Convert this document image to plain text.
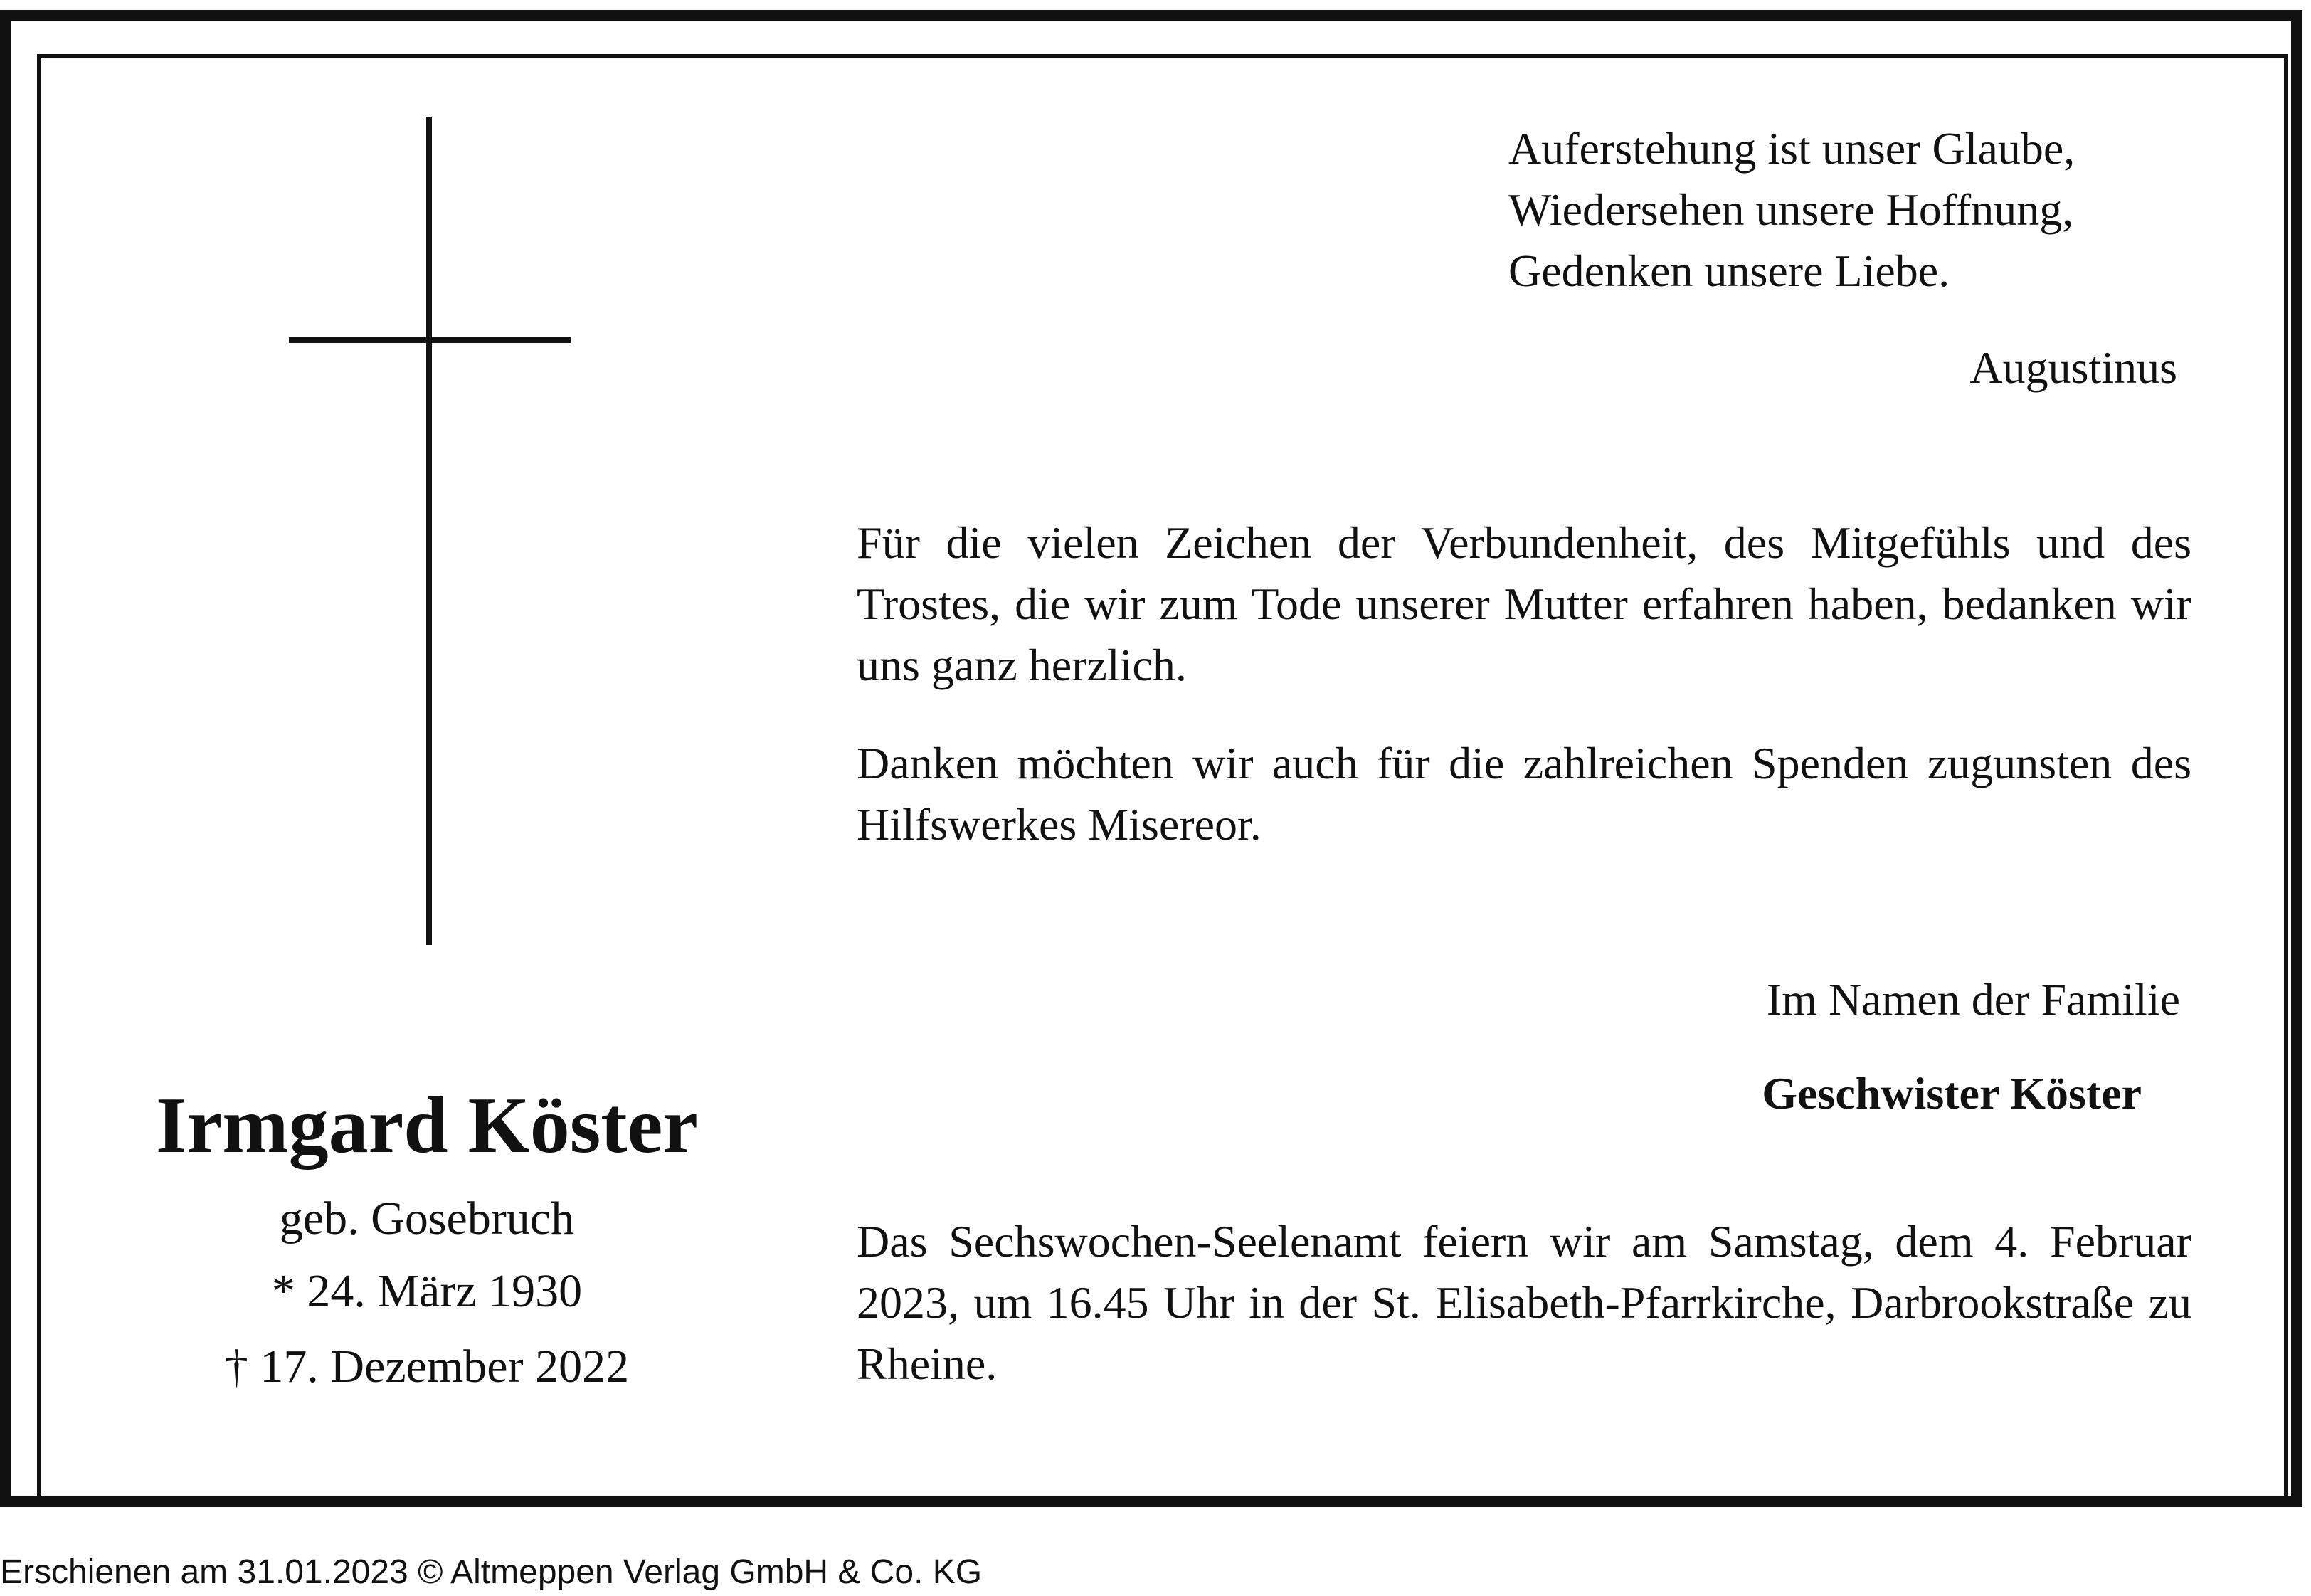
Auferstehung ist unser Glaube,
Wiedersehen unsere Hoffnung,
Gedenken unsere Liebe.
Augustinus
Für die vielen Zeichen der Verbundenheit, des Mitgefühls und des Trostes, die wir zum Tode unserer Mutter erfahren haben, bedanken wir uns ganz herzlich.
Danken möchten wir auch für die zahlreichen Spenden zugunsten des Hilfswerkes Misereor.
Im Namen der Familie
Geschwister Köster
Irmgard Köster
geb. Gosebruch
* 24. März 1930
† 17. Dezember 2022
Das Sechswochen-Seelenamt feiern wir am Samstag, dem 4. Februar 2023, um 16.45 Uhr in der St. Elisabeth-Pfarrkirche, Darbrookstraße zu Rheine.
Erschienen am 31.01.2023 © Altmeppen Verlag GmbH & Co. KG
